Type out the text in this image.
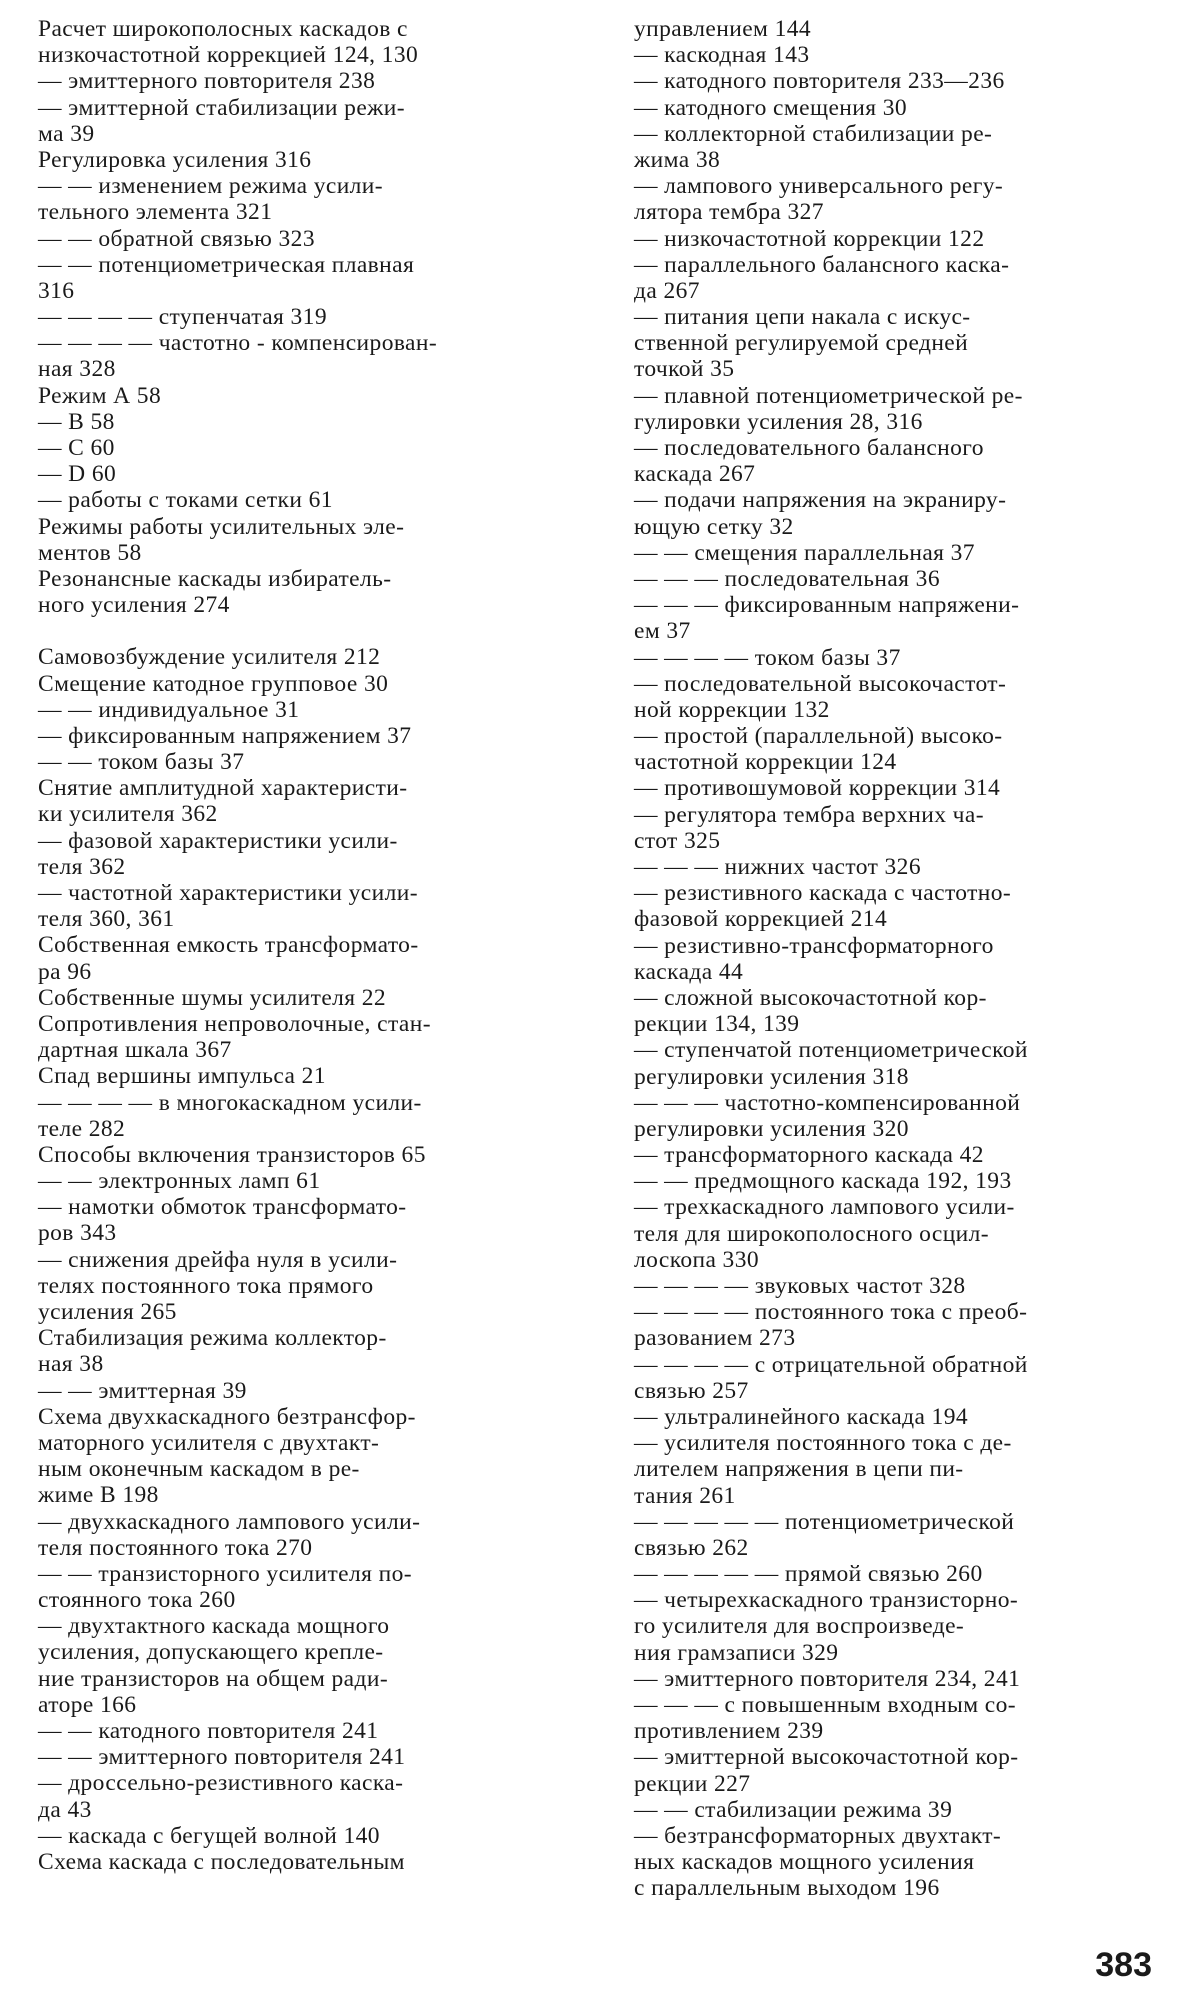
Расчет широкополосных каскадов с
низкочастотной коррекцией 124, 130
— эмиттерного повторителя 238
— эмиттерной стабилизации режи-
ма 39
Регулировка усиления 316
— — изменением режима усили-
тельного элемента 321
— — обратной связью 323
— — потенциометрическая плавная
316
— — — — ступенчатая 319
— — — — частотно - компенсирован-
ная 328
Режим А 58
— В 58
— С 60
— D 60
— работы с токами сетки 61
Режимы работы усилительных эле-
ментов 58
Резонансные каскады избиратель-
ного усиления 274
Самовозбуждение усилителя 212
Смещение катодное групповое 30
— — индивидуальное 31
— фиксированным напряжением 37
— — током базы 37
Снятие амплитудной характеристи-
ки усилителя 362
— фазовой характеристики усили-
теля 362
— частотной характеристики усили-
теля 360, 361
Собственная емкость трансформато-
ра 96
Собственные шумы усилителя 22
Сопротивления непроволочные, стан-
дартная шкала 367
Спад вершины импульса 21
— — — — в многокаскадном усили-
теле 282
Способы включения транзисторов 65
— — электронных ламп 61
— намотки обмоток трансформато-
ров 343
— снижения дрейфа нуля в усили-
телях постоянного тока прямого
усиления 265
Стабилизация режима коллектор-
ная 38
— — эмиттерная 39
Схема двухкаскадного безтрансфор-
маторного усилителя с двухтакт-
ным оконечным каскадом в ре-
жиме В 198
— двухкаскадного лампового усили-
теля постоянного тока 270
— — транзисторного усилителя по-
стоянного тока 260
— двухтактного каскада мощного
усиления, допускающего крепле-
ние транзисторов на общем ради-
аторе 166
— — катодного повторителя 241
— — эмиттерного повторителя 241
— дроссельно-резистивного каска-
да 43
— каскада с бегущей волной 140
Схема каскада с последовательным
управлением 144
— каскодная 143
— катодного повторителя 233—236
— катодного смещения 30
— коллекторной стабилизации ре-
жима 38
— лампового универсального регу-
лятора тембра 327
— низкочастотной коррекции 122
— параллельного балансного каска-
да 267
— питания цепи накала с искус-
ственной регулируемой средней
точкой 35
— плавной потенциометрической ре-
гулировки усиления 28, 316
— последовательного балансного
каскада 267
— подачи напряжения на экраниру-
ющую сетку 32
— — смещения параллельная 37
— — — последовательная 36
— — — фиксированным напряжени-
ем 37
— — — — током базы 37
— последовательной высокочастот-
ной коррекции 132
— простой (параллельной) высоко-
частотной коррекции 124
— противошумовой коррекции 314
— регулятора тембра верхних ча-
стот 325
— — — нижних частот 326
— резистивного каскада с частотно-
фазовой коррекцией 214
— резистивно-трансформаторного
каскада 44
— сложной высокочастотной кор-
рекции 134, 139
— ступенчатой потенциометрической
регулировки усиления 318
— — — частотно-компенсированной
регулировки усиления 320
— трансформаторного каскада 42
— — предмощного каскада 192, 193
— трехкаскадного лампового усили-
теля для широкополосного осцил-
лоскопа 330
— — — — звуковых частот 328
— — — — постоянного тока с преоб-
разованием 273
— — — — с отрицательной обратной
связью 257
— ультралинейного каскада 194
— усилителя постоянного тока с де-
лителем напряжения в цепи пи-
тания 261
— — — — — потенциометрической
связью 262
— — — — — прямой связью 260
— четырехкаскадного транзисторно-
го усилителя для воспроизведе-
ния грамзаписи 329
— эмиттерного повторителя 234, 241
— — — с повышенным входным со-
противлением 239
— эмиттерной высокочастотной кор-
рекции 227
— — стабилизации режима 39
— безтрансформаторных двухтакт-
ных каскадов мощного усиления
с параллельным выходом 196
383
